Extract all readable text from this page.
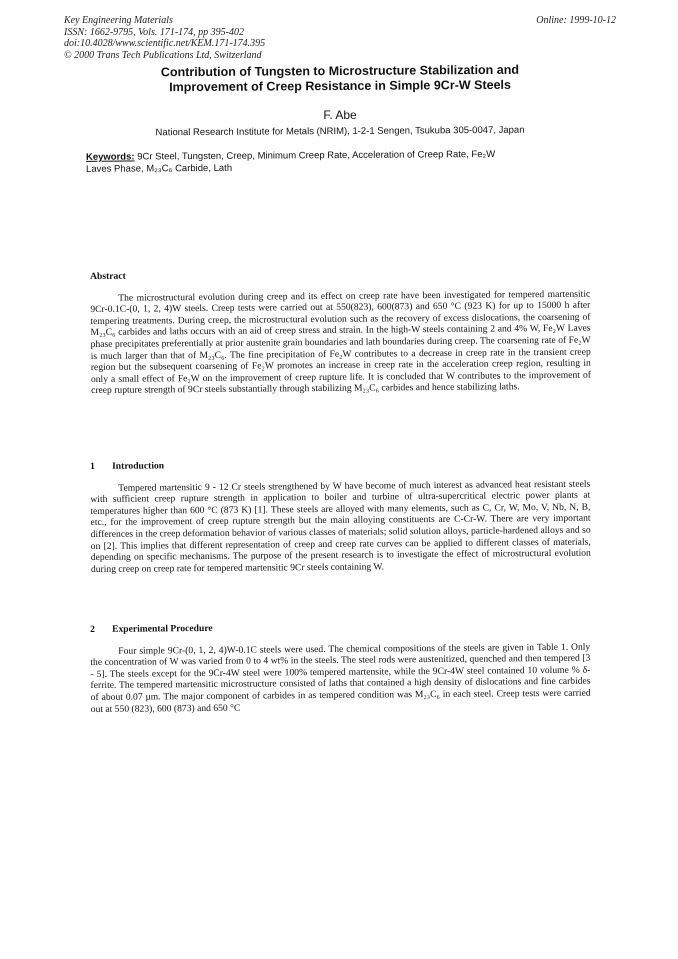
Key Engineering Materials
ISSN: 1662-9795, Vols. 171-174, pp 395-402
doi:10.4028/www.scientific.net/KEM.171-174.395
© 2000 Trans Tech Publications Ltd, Switzerland
Online: 1999-10-12
Contribution of Tungsten to Microstructure Stabilization and
Improvement of Creep Resistance in Simple 9Cr-W Steels
F. Abe
National Research Institute for Metals (NRIM), 1-2-1 Sengen, Tsukuba 305-0047, Japan
Keywords: 9Cr Steel, Tungsten, Creep, Minimum Creep Rate, Acceleration of Creep Rate, Fe₂W
Laves Phase, M₂₃C₆ Carbide, Lath
Abstract

The microstructural evolution during creep and its effect on creep rate have been investigated for tempered martensitic 9Cr-0.1C-(0, 1, 2, 4)W steels. Creep tests were carried out at 550(823), 600(873) and 650 °C (923 K) for up to 15000 h after tempering treatments. During creep, the microstructural evolution such as the recovery of excess dislocations, the coarsening of M₂₃C₆ carbides and laths occurs with an aid of creep stress and strain. In the high-W steels containing 2 and 4% W, Fe₂W Laves phase precipitates preferentially at prior austenite grain boundaries and lath boundaries during creep. The coarsening rate of Fe₂W is much larger than that of M₂₃C₆. The fine precipitation of Fe₂W contributes to a decrease in creep rate in the transient creep region but the subsequent coarsening of Fe₂W promotes an increase in creep rate in the acceleration creep region, resulting in only a small effect of Fe₂W on the improvement of creep rupture life. It is concluded that W contributes to the improvement of creep rupture strength of 9Cr steels substantially through stabilizing M₂₃C₆ carbides and hence stabilizing laths.

1 Introduction

Tempered martensitic 9 - 12 Cr steels strengthened by W have become of much interest as advanced heat resistant steels with sufficient creep rupture strength in application to boiler and turbine of ultra-supercritical electric power plants at temperatures higher than 600 °C (873 K) [1]. These steels are alloyed with many elements, such as C, Cr, W, Mo, V, Nb, N, B, etc., for the improvement of creep rupture strength but the main alloying constituents are C-Cr-W. There are very important differences in the creep deformation behavior of various classes of materials; solid solution alloys, particle-hardened alloys and so on [2]. This implies that different representation of creep and creep rate curves can be applied to different classes of materials, depending on specific mechanisms. The purpose of the present research is to investigate the effect of microstructural evolution during creep on creep rate for tempered martensitic 9Cr steels containing W.

2 Experimental Procedure

Four simple 9Cr-(0, 1, 2, 4)W-0.1C steels were used. The chemical compositions of the steels are given in Table 1. Only the concentration of W was varied from 0 to 4 wt% in the steels. The steel rods were austenitized, quenched and then tempered [3 - 5]. The steels except for the 9Cr-4W steel were 100% tempered martensite, while the 9Cr-4W steel contained 10 volume % δ-ferrite. The tempered martensitic microstructure consisted of laths that contained a high density of dislocations and fine carbides of about 0.07 μm. The major component of carbides in as tempered condition was M₂₃C₆ in each steel. Creep tests were carried out at 550 (823), 600 (873) and 650 °C
